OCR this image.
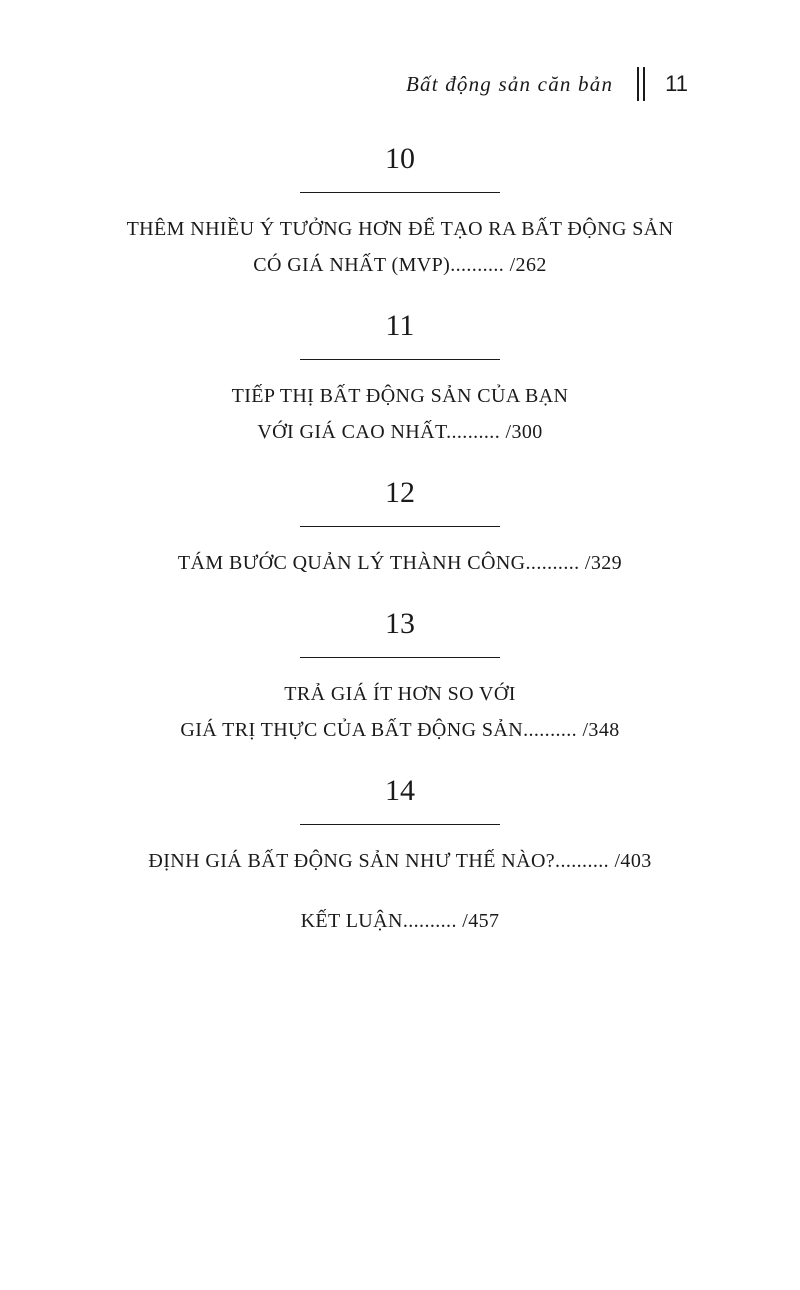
Bất động sản căn bản 11
10
THÊM NHIỀU Ý TƯỞNG HƠN ĐỂ TẠO RA BẤT ĐỘNG SẢN
CÓ GIÁ NHẤT (MVP).......... /262
11
TIẾP THỊ BẤT ĐỘNG SẢN CỦA BẠN
VỚI GIÁ CAO NHẤT.......... /300
12
TÁM BƯỚC QUẢN LÝ THÀNH CÔNG.......... /329
13
TRẢ GIÁ ÍT HƠN SO VỚI
GIÁ TRỊ THỰC CỦA BẤT ĐỘNG SẢN.......... /348
14
ĐỊNH GIÁ BẤT ĐỘNG SẢN NHƯ THẾ NÀO?.......... /403
KẾT LUẬN.......... /457
